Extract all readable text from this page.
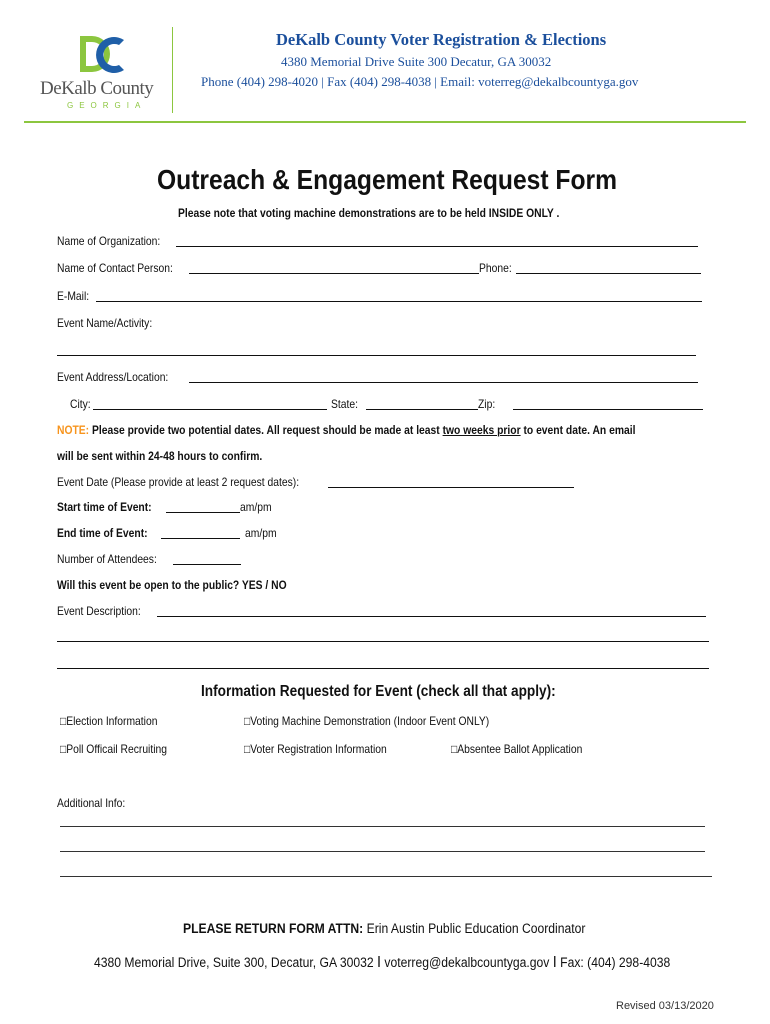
DeKalb County
GEORGIA
DeKalb County Voter Registration & Elections
4380 Memorial Drive Suite 300 Decatur, GA 30032
Phone (404) 298-4020 | Fax (404) 298-4038 | Email: voterreg@dekalbcountyga.gov
Outreach & Engagement Request Form
Please note that voting machine demonstrations are to be held INSIDE ONLY .
Name of Organization:
Name of Contact Person:	Phone:
E-Mail:
Event Name/Activity:
Event Address/Location:
City:	State:	Zip:
NOTE: Please provide two potential dates. All request should be made at least two weeks prior to event date. An email
will be sent within 24-48 hours to confirm.
Event Date (Please provide at least 2 request dates):
Start time of Event:	am/pm
End time of Event:	am/pm
Number of Attendees:
Will this event be open to the public? YES / NO
Event Description:
Information Requested for Event (check all that apply):
□Election Information	□Voting Machine Demonstration (Indoor Event ONLY)
□Poll Officail Recruiting	□Voter Registration Information	□Absentee Ballot Application
Additional Info:
PLEASE RETURN FORM ATTN: Erin Austin Public Education Coordinator
4380 Memorial Drive, Suite 300, Decatur, GA 30032 I voterreg@dekalbcountyga.gov I Fax: (404) 298-4038
Revised 03/13/2020
